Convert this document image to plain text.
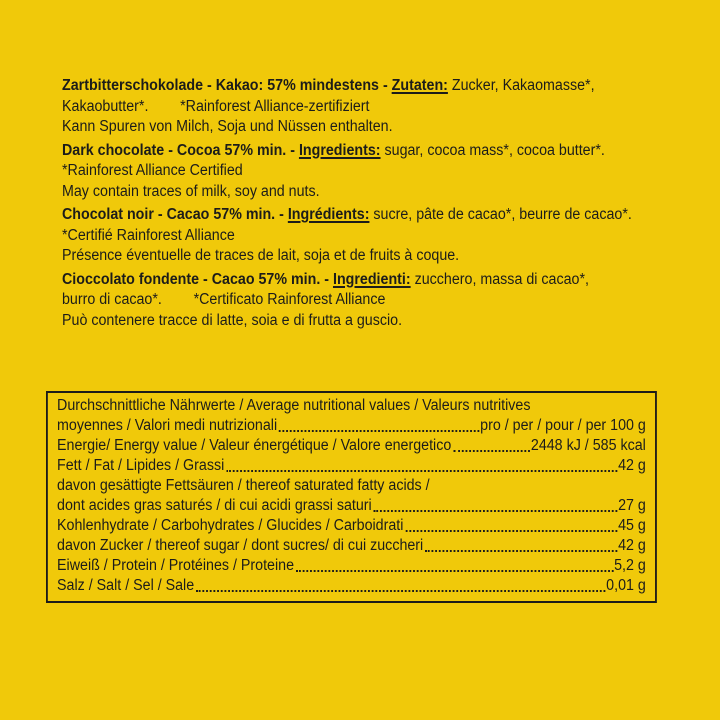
Zartbitterschokolade - Kakao: 57% mindestens - Zutaten: Zucker, Kakaomasse*,
Kakaobutter*.        *Rainforest Alliance-zertifiziert
Kann Spuren von Milch, Soja und Nüssen enthalten.

Dark chocolate - Cocoa 57% min. - Ingredients: sugar, cocoa mass*, cocoa butter*.
*Rainforest Alliance Certified
May contain traces of milk, soy and nuts.

Chocolat noir - Cacao 57% min. - Ingrédients: sucre, pâte de cacao*, beurre de cacao*.
*Certifié Rainforest Alliance
Présence éventuelle de traces de lait, soja et de fruits à coque.

Cioccolato fondente - Cacao 57% min. - Ingredienti: zucchero, massa di cacao*,
burro di cacao*.        *Certificato Rainforest Alliance
Può contenere tracce di latte, soia e di frutta a guscio.

Durchschnittliche Nährwerte / Average nutritional values / Valeurs nutritives
moyennes / Valori medi nutrizionali	pro / per / pour / per 100 g
Energie/ Energy value / Valeur énergétique / Valore energetico	2448 kJ / 585 kcal
Fett / Fat / Lipides / Grassi	42 g
davon gesättigte Fettsäuren / thereof saturated fatty acids /
dont acides gras saturés / di cui acidi grassi saturi	27 g
Kohlenhydrate / Carbohydrates / Glucides / Carboidrati	45 g
davon Zucker / thereof sugar / dont sucres/ di cui zuccheri	42 g
Eiweiß / Protein / Protéines / Proteine	5,2 g
Salz / Salt / Sel / Sale	0,01 g
